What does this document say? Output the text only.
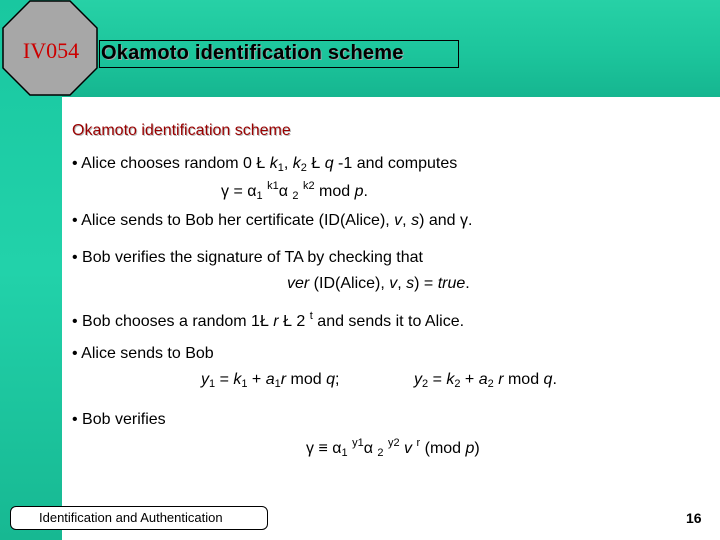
IV054	Okamoto identification scheme
Okamoto identification scheme
• Alice chooses random 0 Ł $k_1$, $k_2$ Ł q -1 and computes
$\gamma = \alpha_1$ $^{k1}$α $_2$ $^{k2}$ mod p.
• Alice sends to Bob her certificate (ID(Alice), v, s) and γ.
• Bob verifies the signature of TA by checking that
ver (ID(Alice), v, s) = true.
• Bob chooses a random 1Ł r Ł 2 $^t$ and sends it to Alice.
• Alice sends to Bob
$y_1 = k_1 + a_1r$ mod q;	$y_2 = k_2 + a_2$ r mod q.
• Bob verifies
$\gamma \equiv \alpha_1$ $^{y1}$α $_2$ $^{y2}$ v $^r$ (mod p)
Identification and Authentication	16
